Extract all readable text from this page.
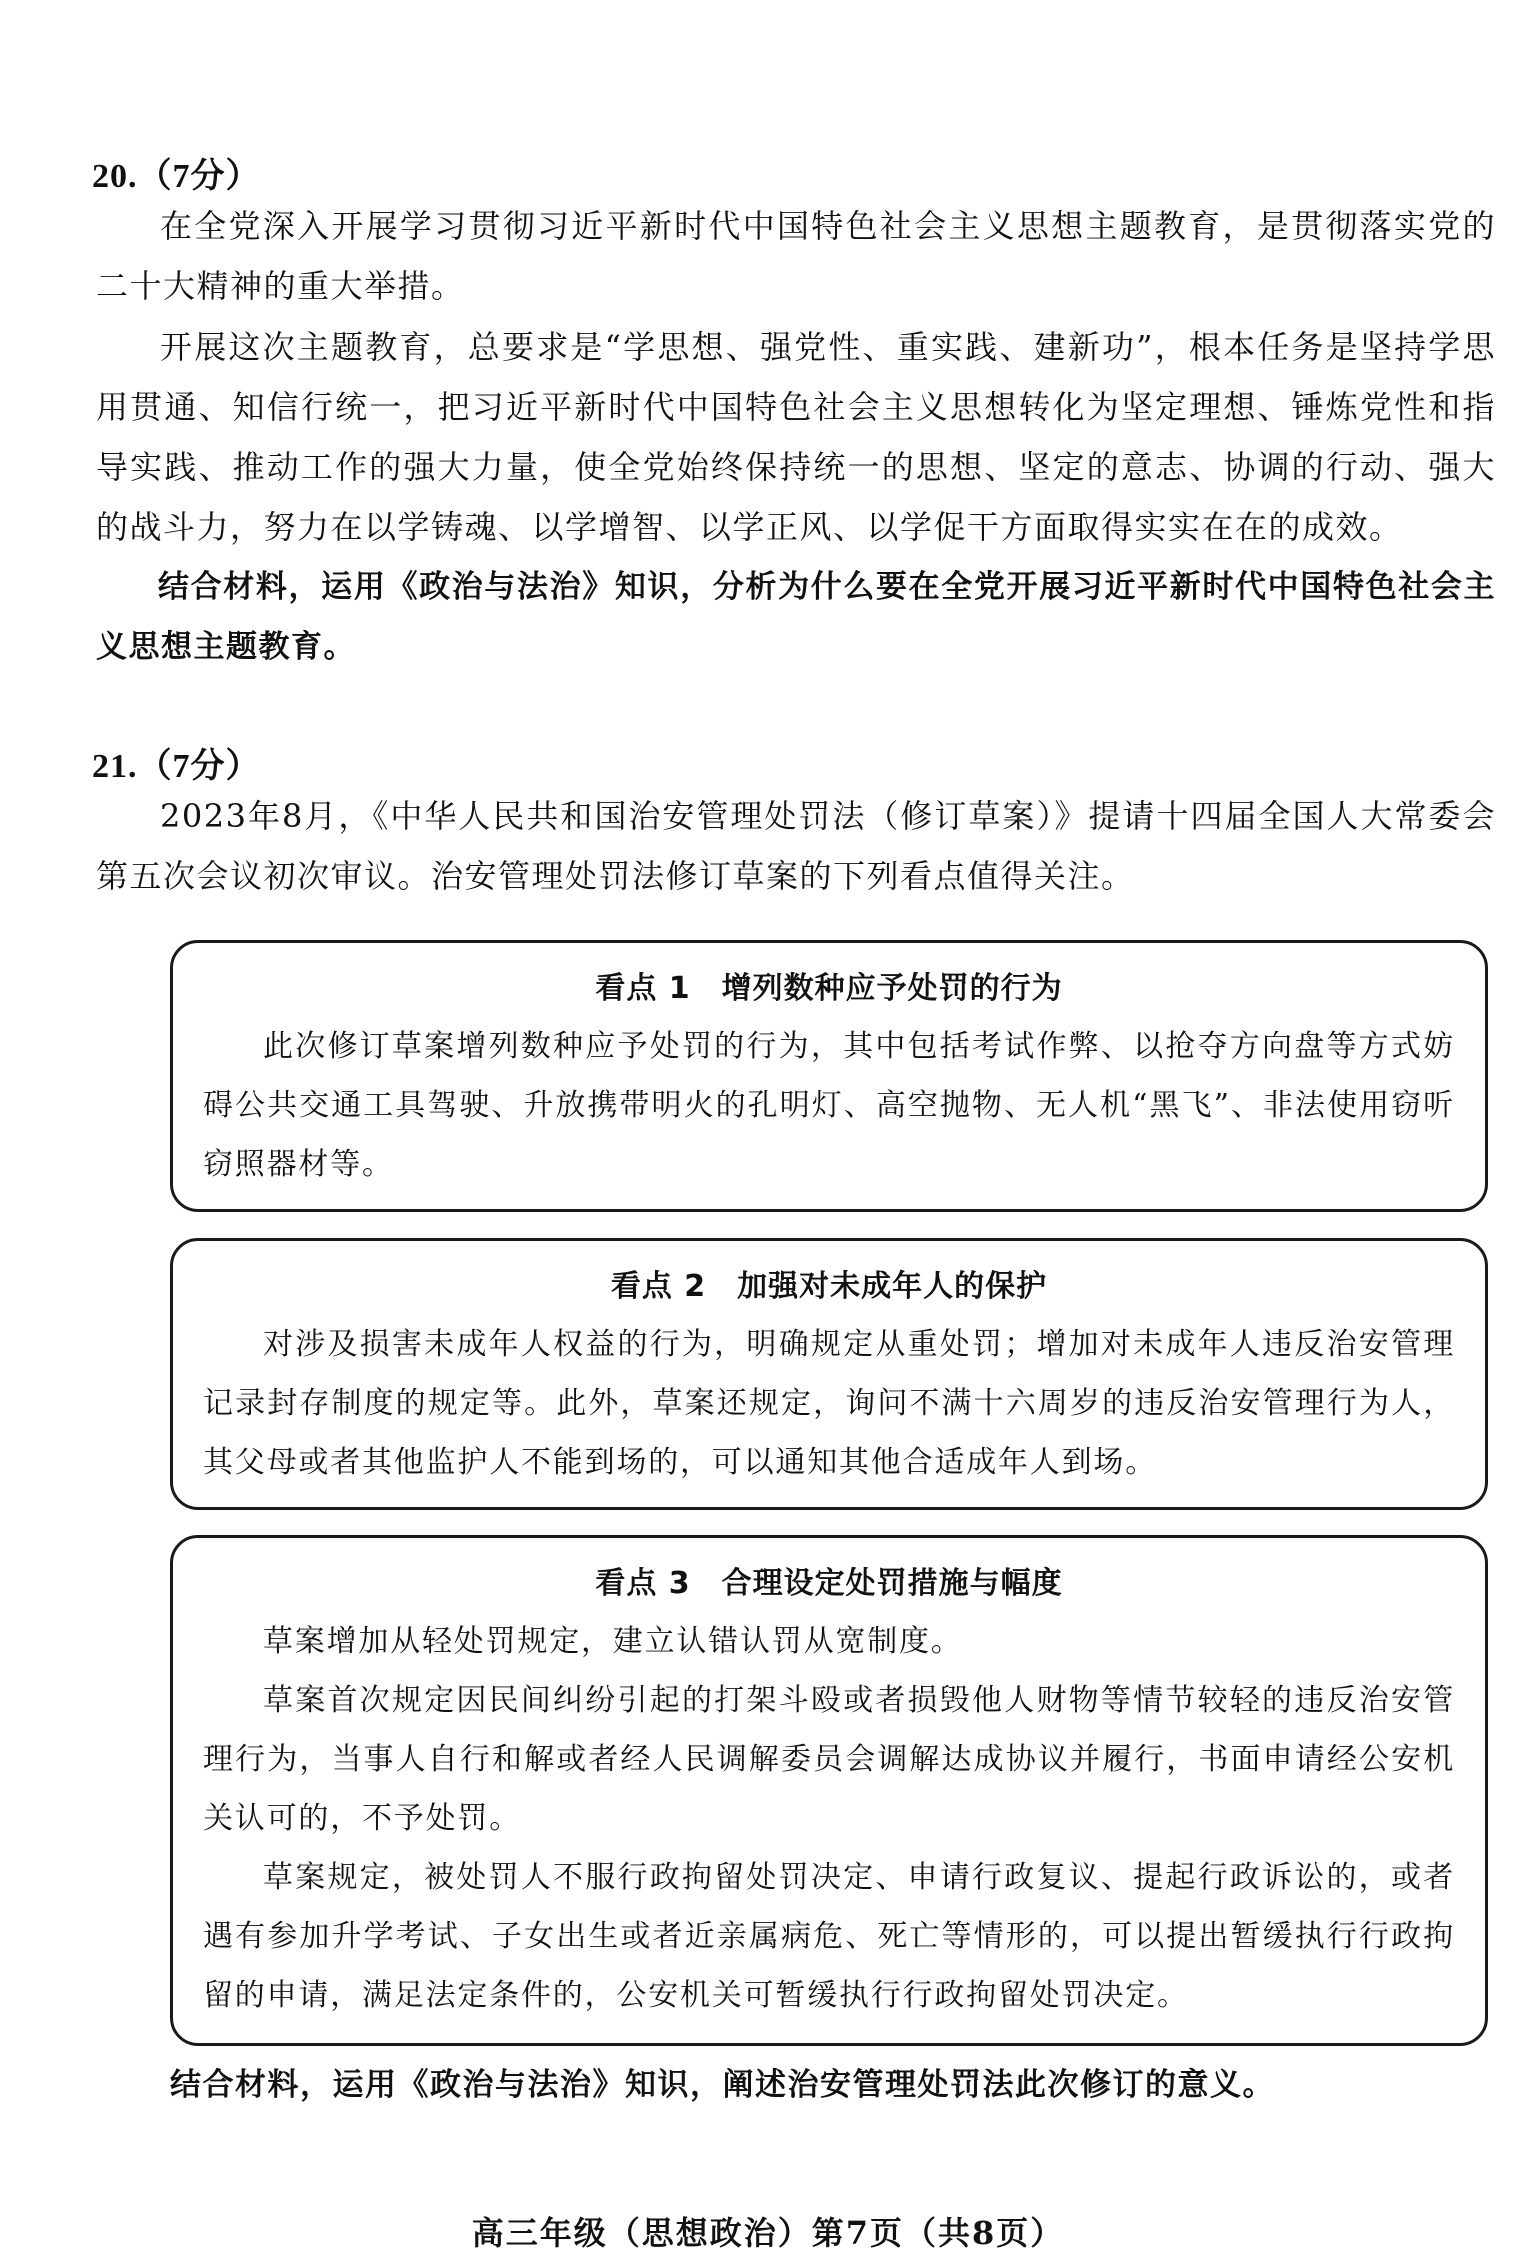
20.（7分）

在全党深入开展学习贯彻习近平新时代中国特色社会主义思想主题教育，是贯彻落实党的二十大精神的重大举措。

开展这次主题教育，总要求是“学思想、强党性、重实践、建新功”，根本任务是坚持学思用贯通、知信行统一，把习近平新时代中国特色社会主义思想转化为坚定理想、锤炼党性和指导实践、推动工作的强大力量，使全党始终保持统一的思想、坚定的意志、协调的行动、强大的战斗力，努力在以学铸魂、以学增智、以学正风、以学促干方面取得实实在在的成效。

结合材料，运用《政治与法治》知识，分析为什么要在全党开展习近平新时代中国特色社会主义思想主题教育。

21.（7分）

2023年8月，《中华人民共和国治安管理处罚法（修订草案）》提请十四届全国人大常委会第五次会议初次审议。治安管理处罚法修订草案的下列看点值得关注。

看点 1　增列数种应予处罚的行为

此次修订草案增列数种应予处罚的行为，其中包括考试作弊、以抢夺方向盘等方式妨碍公共交通工具驾驶、升放携带明火的孔明灯、高空抛物、无人机“黑飞”、非法使用窃听窃照器材等。

看点 2　加强对未成年人的保护

对涉及损害未成年人权益的行为，明确规定从重处罚；增加对未成年人违反治安管理记录封存制度的规定等。此外，草案还规定，询问不满十六周岁的违反治安管理行为人，其父母或者其他监护人不能到场的，可以通知其他合适成年人到场。

看点 3　合理设定处罚措施与幅度

草案增加从轻处罚规定，建立认错认罚从宽制度。

草案首次规定因民间纠纷引起的打架斗殴或者损毁他人财物等情节较轻的违反治安管理行为，当事人自行和解或者经人民调解委员会调解达成协议并履行，书面申请经公安机关认可的，不予处罚。

草案规定，被处罚人不服行政拘留处罚决定、申请行政复议、提起行政诉讼的，或者遇有参加升学考试、子女出生或者近亲属病危、死亡等情形的，可以提出暂缓执行行政拘留的申请，满足法定条件的，公安机关可暂缓执行行政拘留处罚决定。

结合材料，运用《政治与法治》知识，阐述治安管理处罚法此次修订的意义。

高三年级（思想政治）第7页（共8页）
